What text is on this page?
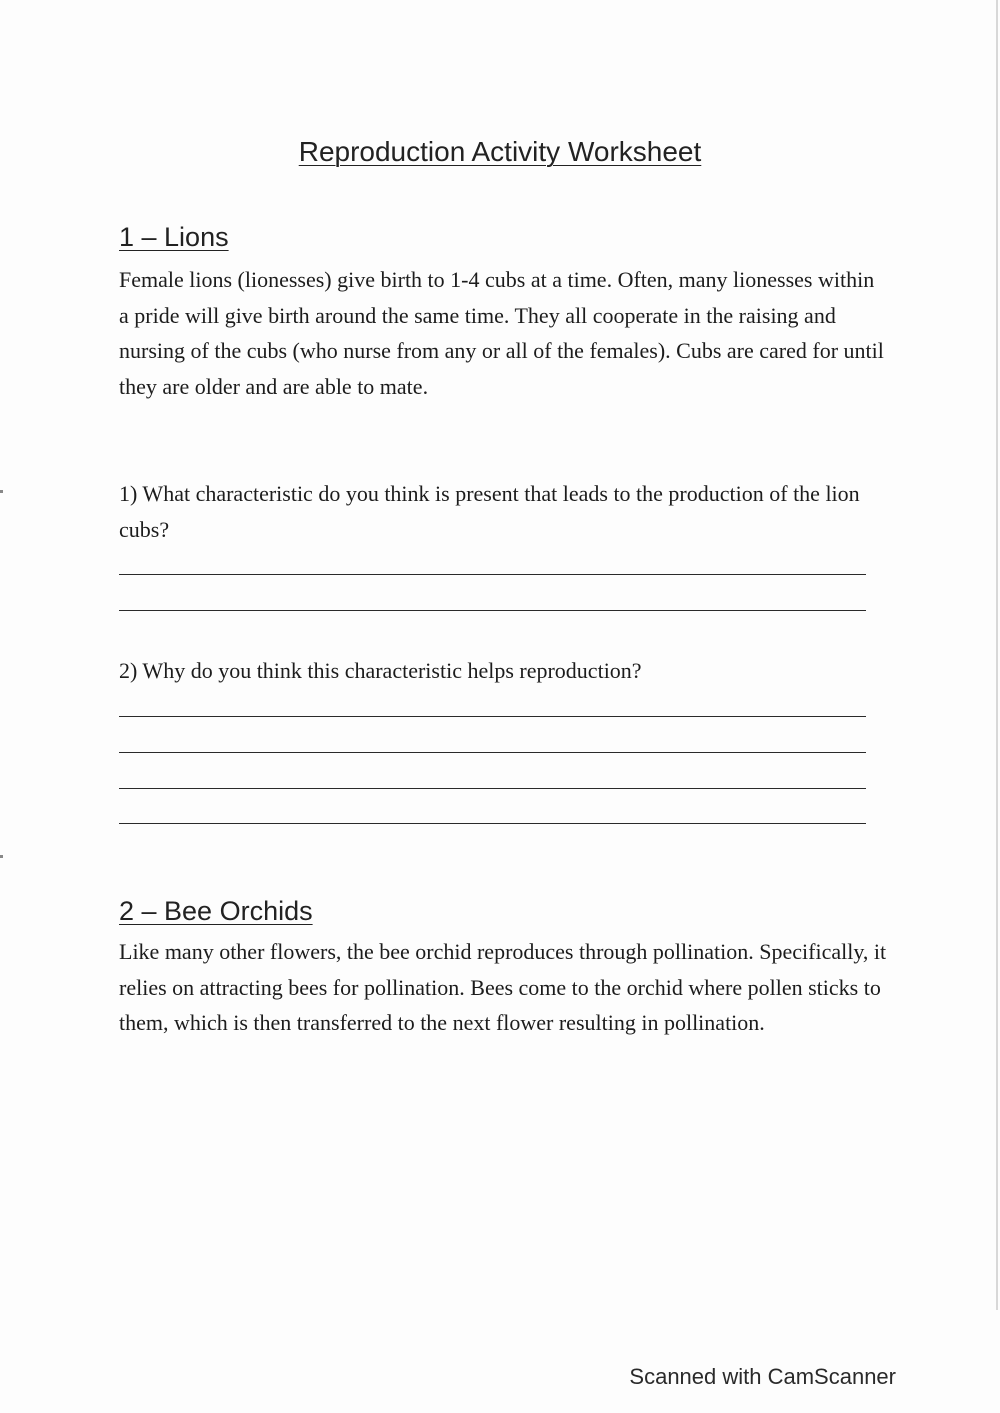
Reproduction Activity Worksheet
1 – Lions
Female lions (lionesses) give birth to 1-4 cubs at a time. Often, many lionesses within a pride will give birth around the same time. They all cooperate in the raising and nursing of the cubs (who nurse from any or all of the females). Cubs are cared for until they are older and are able to mate.
1) What characteristic do you think is present that leads to the production of the lion cubs?
2) Why do you think this characteristic helps reproduction?
2 – Bee Orchids
Like many other flowers, the bee orchid reproduces through pollination. Specifically, it relies on attracting bees for pollination. Bees come to the orchid where pollen sticks to them, which is then transferred to the next flower resulting in pollination.
Scanned with CamScanner
